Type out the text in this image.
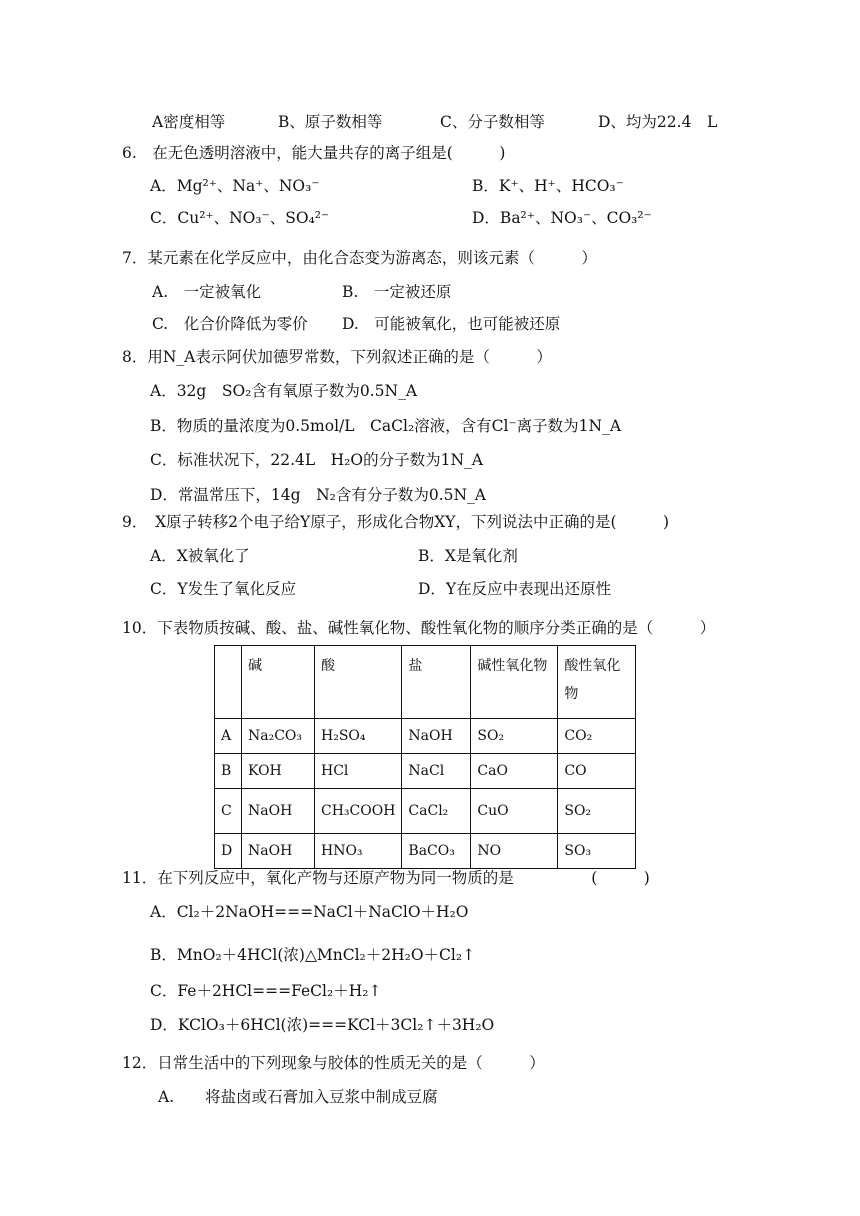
A密度相等	B、原子数相等	C、分子数相等	D、均为22.4　L
6.　在无色透明溶液中，能大量共存的离子组是(　　　)
A．Mg²⁺、Na⁺、NO₃⁻	B．K⁺、H⁺、HCO₃⁻
C．Cu²⁺、NO₃⁻、SO₄²⁻	D．Ba²⁺、NO₃⁻、CO₃²⁻
7．某元素在化学反应中，由化合态变为游离态，则该元素（　　　）
A.　一定被氧化	B.　一定被还原
C.　化合价降低为零价 D.　可能被氧化，也可能被还原
8．用N_A表示阿伏加德罗常数，下列叙述正确的是（　　　）
A．32g　SO₂含有氧原子数为0.5N_A
B．物质的量浓度为0.5mol/L　CaCl₂溶液，含有Cl⁻离子数为1N_A
C．标准状况下，22.4L　H₂O的分子数为1N_A
D．常温常压下，14g　N₂含有分子数为0.5N_A
9．　X原子转移2个电子给Y原子，形成化合物XY，下列说法中正确的是(　　　)
A．X被氧化了	B．X是氧化剂
C．Y发生了氧化反应	D．Y在反应中表现出还原性
10．下表物质按碱、酸、盐、碱性氧化物、酸性氧化物的顺序分类正确的是（　　　）
	碱	酸	盐	碱性氧化物	酸性氧化物
A	Na₂CO₃	H₂SO₄	NaOH	SO₂	CO₂
B	KOH	HCl	NaCl	CaO	CO
C	NaOH	CH₃COOH	CaCl₂	CuO	SO₂
D	NaOH	HNO₃	BaCO₃	NO	SO₃
11．在下列反应中，氧化产物与还原产物为同一物质的是　　　　　(　　　)
A．Cl₂＋2NaOH===NaCl＋NaClO＋H₂O
B．MnO₂＋4HCl(浓)△MnCl₂＋2H₂O＋Cl₂↑
C．Fe＋2HCl===FeCl₂＋H₂↑
D．KClO₃＋6HCl(浓)===KCl＋3Cl₂↑＋3H₂O
12．日常生活中的下列现象与胶体的性质无关的是（　　　）
A.　　将盐卤或石膏加入豆浆中制成豆腐
